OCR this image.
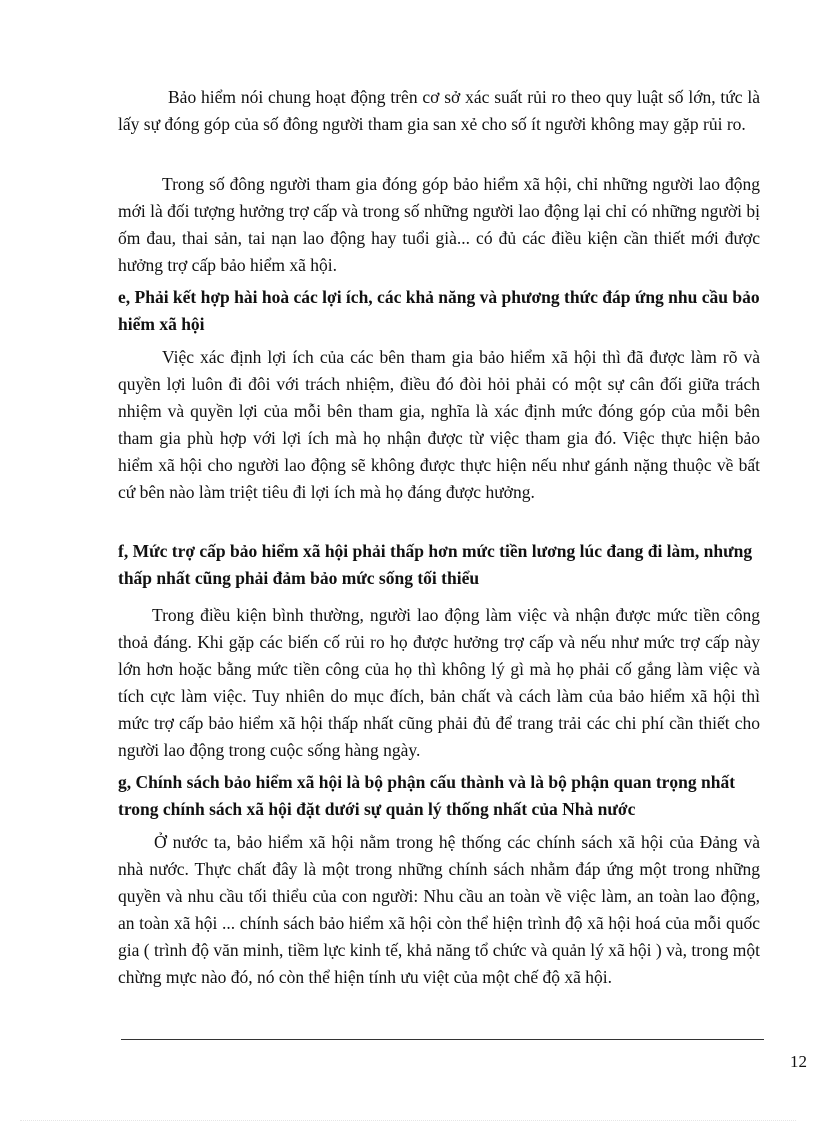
Bảo hiểm nói chung hoạt động trên cơ sở xác suất rủi ro theo quy luật số lớn, tức là lấy sự đóng góp của số đông người tham gia san xẻ cho số ít người không may gặp rủi ro.

Trong số đông người tham gia đóng góp bảo hiểm xã hội, chỉ những người lao động mới là đối tượng hưởng trợ cấp và trong số những người lao động lại chỉ có những người bị ốm đau, thai sản, tai nạn lao động hay tuổi già... có đủ các điều kiện cần thiết mới được hưởng trợ cấp bảo hiểm xã hội.

e, Phải kết hợp hài hoà các lợi ích, các khả năng và phương thức đáp ứng nhu cầu bảo hiểm xã hội

Việc xác định lợi ích của các bên tham gia bảo hiểm xã hội thì đã được làm rõ và quyền lợi luôn đi đôi với trách nhiệm, điều đó đòi hỏi phải có một sự cân đối giữa trách nhiệm và quyền lợi của mỗi bên tham gia, nghĩa là xác định mức đóng góp của mỗi bên tham gia phù hợp với lợi ích mà họ nhận được từ việc tham gia đó. Việc thực hiện bảo hiểm xã hội cho người lao động sẽ không được thực hiện nếu như gánh nặng thuộc về bất cứ bên nào làm triệt tiêu đi lợi ích mà họ đáng được hưởng.

f, Mức trợ cấp bảo hiểm xã hội phải thấp hơn mức tiền lương lúc đang đi làm, nhưng thấp nhất cũng phải đảm bảo mức sống tối thiểu

Trong điều kiện bình thường, người lao động làm việc và nhận được mức tiền công thoả đáng. Khi gặp các biến cố rủi ro họ được hưởng trợ cấp và nếu như mức trợ cấp này lớn hơn hoặc bằng mức tiền công của họ thì không lý gì mà họ phải cố gắng làm việc và tích cực làm việc. Tuy nhiên do mục đích, bản chất và cách làm của bảo hiểm xã hội thì mức trợ cấp bảo hiểm xã hội thấp nhất cũng phải đủ để trang trải các chi phí cần thiết cho người lao động trong cuộc sống hàng ngày.

g, Chính sách bảo hiểm xã hội là bộ phận cấu thành và là bộ phận quan trọng nhất trong chính sách xã hội đặt dưới sự quản lý thống nhất của Nhà nước

Ở nước ta, bảo hiểm xã hội nằm trong hệ thống các chính sách xã hội của Đảng và nhà nước. Thực chất đây là một trong những chính sách nhằm đáp ứng một trong những quyền và nhu cầu tối thiểu của con người: Nhu cầu an toàn về việc làm, an toàn lao động, an toàn xã hội ... chính sách bảo hiểm xã hội còn thể hiện trình độ xã hội hoá của mỗi quốc gia ( trình độ văn minh, tiềm lực kinh tế, khả năng tổ chức và quản lý xã hội ) và, trong một chừng mực nào đó, nó còn thể hiện tính ưu việt của một chế độ xã hội.

12
